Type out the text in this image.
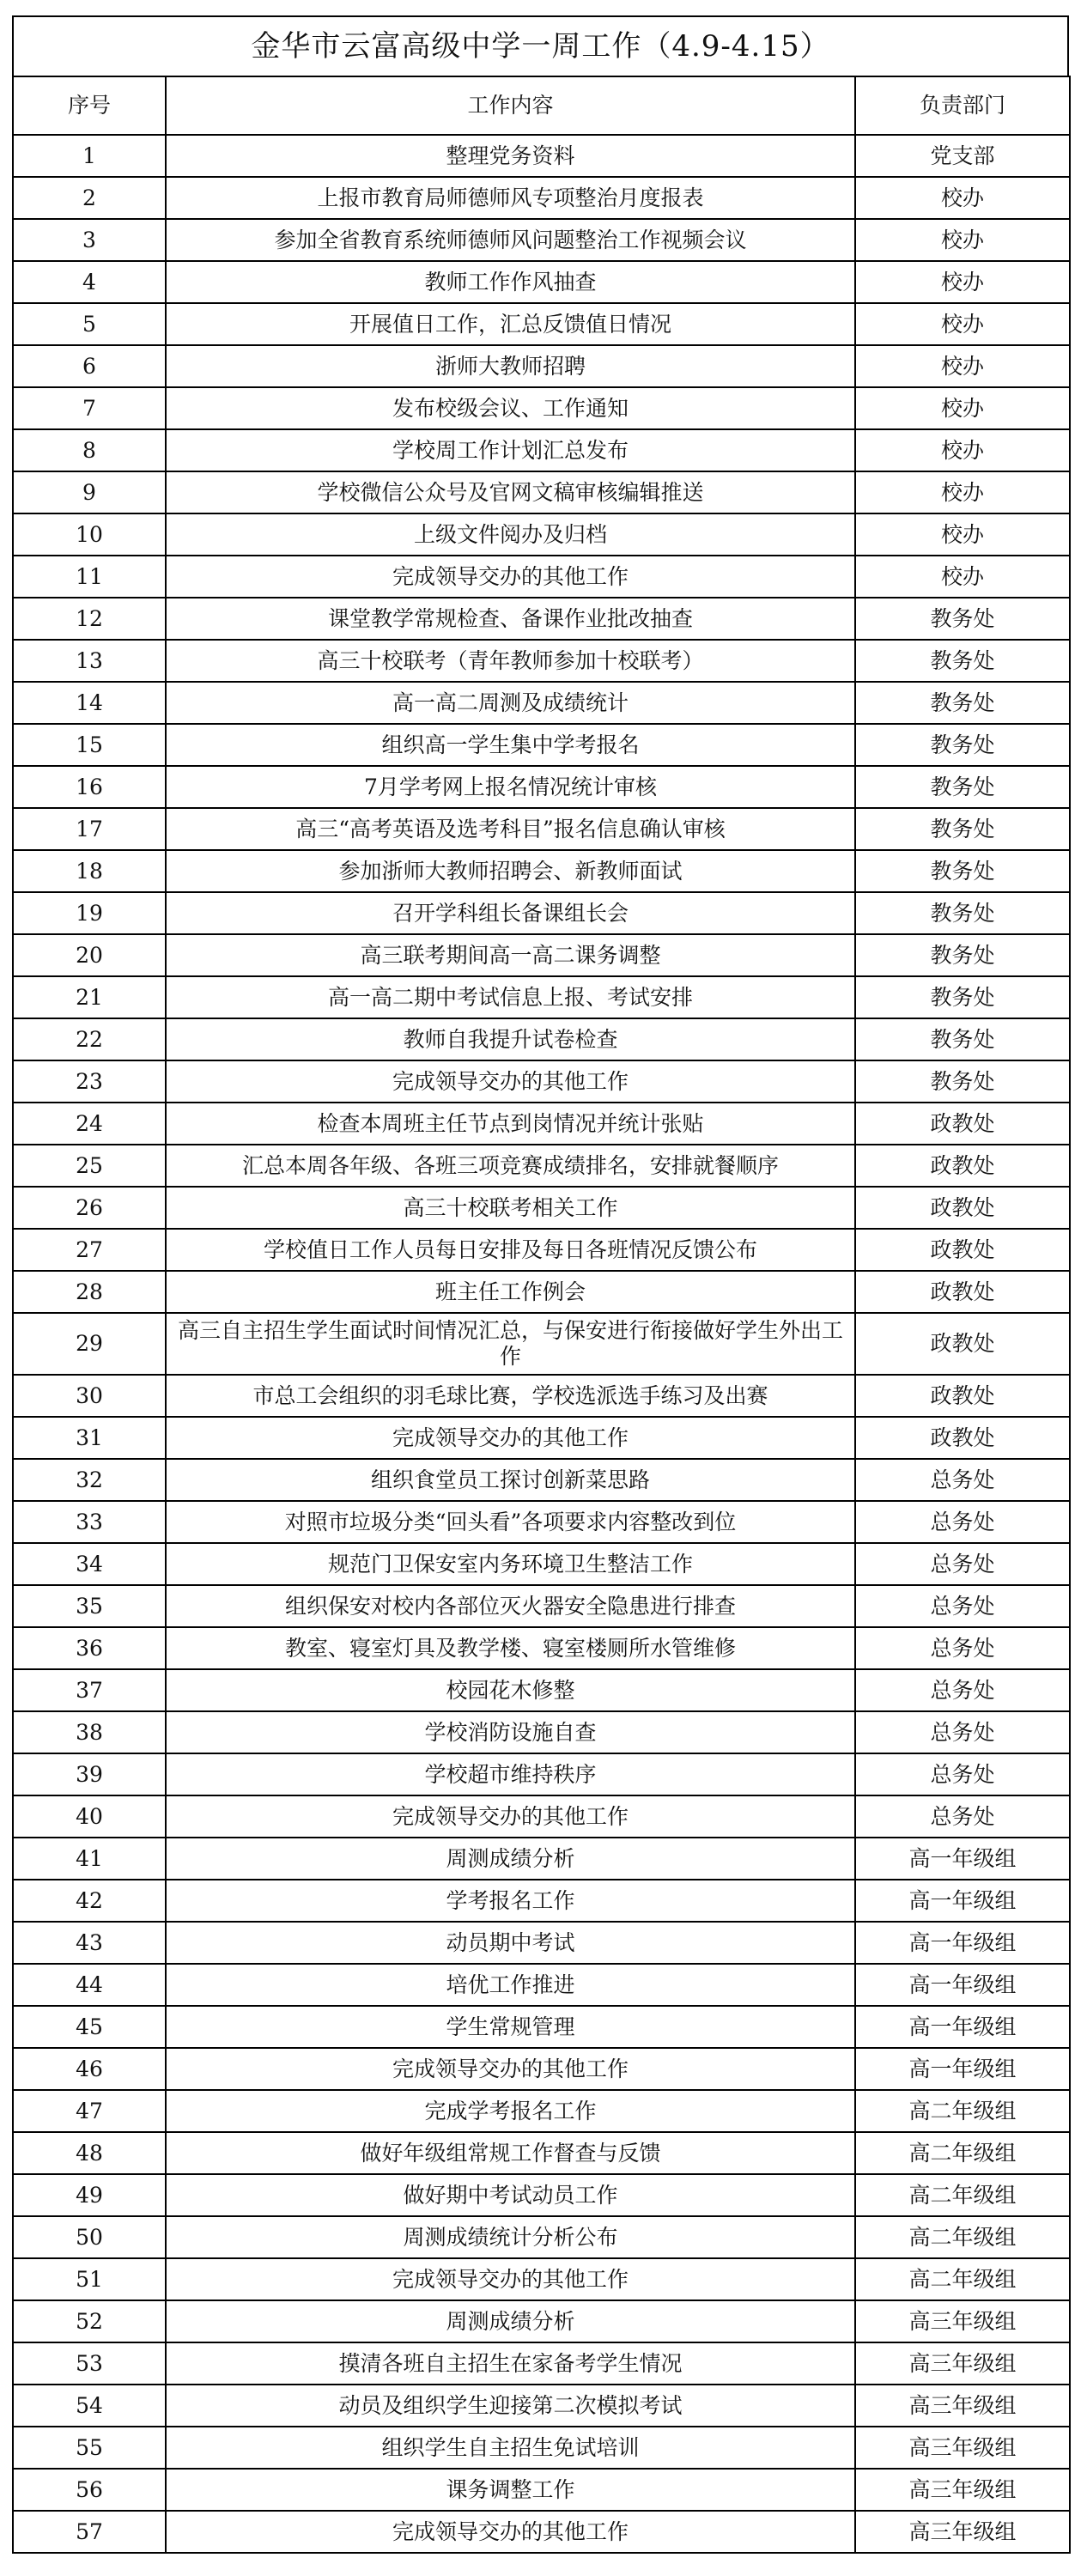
金华市云富高级中学一周工作（4.9-4.15）
序号	工作内容	负责部门
1	整理党务资料	党支部
2	上报市教育局师德师风专项整治月度报表	校办
3	参加全省教育系统师德师风问题整治工作视频会议	校办
4	教师工作作风抽查	校办
5	开展值日工作，汇总反馈值日情况	校办
6	浙师大教师招聘	校办
7	发布校级会议、工作通知	校办
8	学校周工作计划汇总发布	校办
9	学校微信公众号及官网文稿审核编辑推送	校办
10	上级文件阅办及归档	校办
11	完成领导交办的其他工作	校办
12	课堂教学常规检查、备课作业批改抽查	教务处
13	高三十校联考（青年教师参加十校联考）	教务处
14	高一高二周测及成绩统计	教务处
15	组织高一学生集中学考报名	教务处
16	7月学考网上报名情况统计审核	教务处
17	高三“高考英语及选考科目”报名信息确认审核	教务处
18	参加浙师大教师招聘会、新教师面试	教务处
19	召开学科组长备课组长会	教务处
20	高三联考期间高一高二课务调整	教务处
21	高一高二期中考试信息上报、考试安排	教务处
22	教师自我提升试卷检查	教务处
23	完成领导交办的其他工作	教务处
24	检查本周班主任节点到岗情况并统计张贴	政教处
25	汇总本周各年级、各班三项竞赛成绩排名，安排就餐顺序	政教处
26	高三十校联考相关工作	政教处
27	学校值日工作人员每日安排及每日各班情况反馈公布	政教处
28	班主任工作例会	政教处
29	高三自主招生学生面试时间情况汇总，与保安进行衔接做好学生外出工作	政教处
30	市总工会组织的羽毛球比赛，学校选派选手练习及出赛	政教处
31	完成领导交办的其他工作	政教处
32	组织食堂员工探讨创新菜思路	总务处
33	对照市垃圾分类“回头看”各项要求内容整改到位	总务处
34	规范门卫保安室内务环境卫生整洁工作	总务处
35	组织保安对校内各部位灭火器安全隐患进行排查	总务处
36	教室、寝室灯具及教学楼、寝室楼厕所水管维修	总务处
37	校园花木修整	总务处
38	学校消防设施自查	总务处
39	学校超市维持秩序	总务处
40	完成领导交办的其他工作	总务处
41	周测成绩分析	高一年级组
42	学考报名工作	高一年级组
43	动员期中考试	高一年级组
44	培优工作推进	高一年级组
45	学生常规管理	高一年级组
46	完成领导交办的其他工作	高一年级组
47	完成学考报名工作	高二年级组
48	做好年级组常规工作督查与反馈	高二年级组
49	做好期中考试动员工作	高二年级组
50	周测成绩统计分析公布	高二年级组
51	完成领导交办的其他工作	高二年级组
52	周测成绩分析	高三年级组
53	摸清各班自主招生在家备考学生情况	高三年级组
54	动员及组织学生迎接第二次模拟考试	高三年级组
55	组织学生自主招生免试培训	高三年级组
56	课务调整工作	高三年级组
57	完成领导交办的其他工作	高三年级组
